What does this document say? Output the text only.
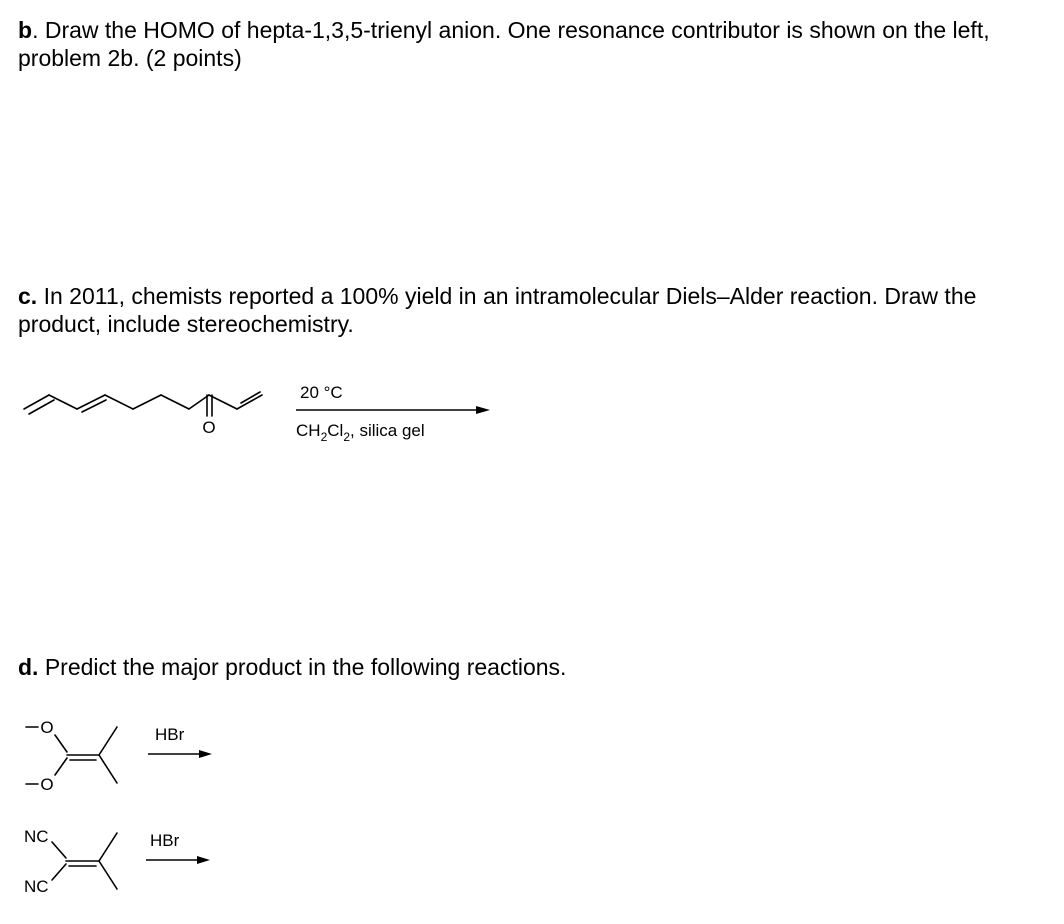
b. Draw the HOMO of hepta-1,3,5-trienyl anion. One resonance contributor is shown on the left, problem 2b. (2 points)

c. In 2011, chemists reported a 100% yield in an intramolecular Diels–Alder reaction. Draw the product, include stereochemistry.

O
20 °C
$CH_2Cl_2$, silica gel

d. Predict the major product in the following reactions.

O
O
HBr
NC
NC
HBr
